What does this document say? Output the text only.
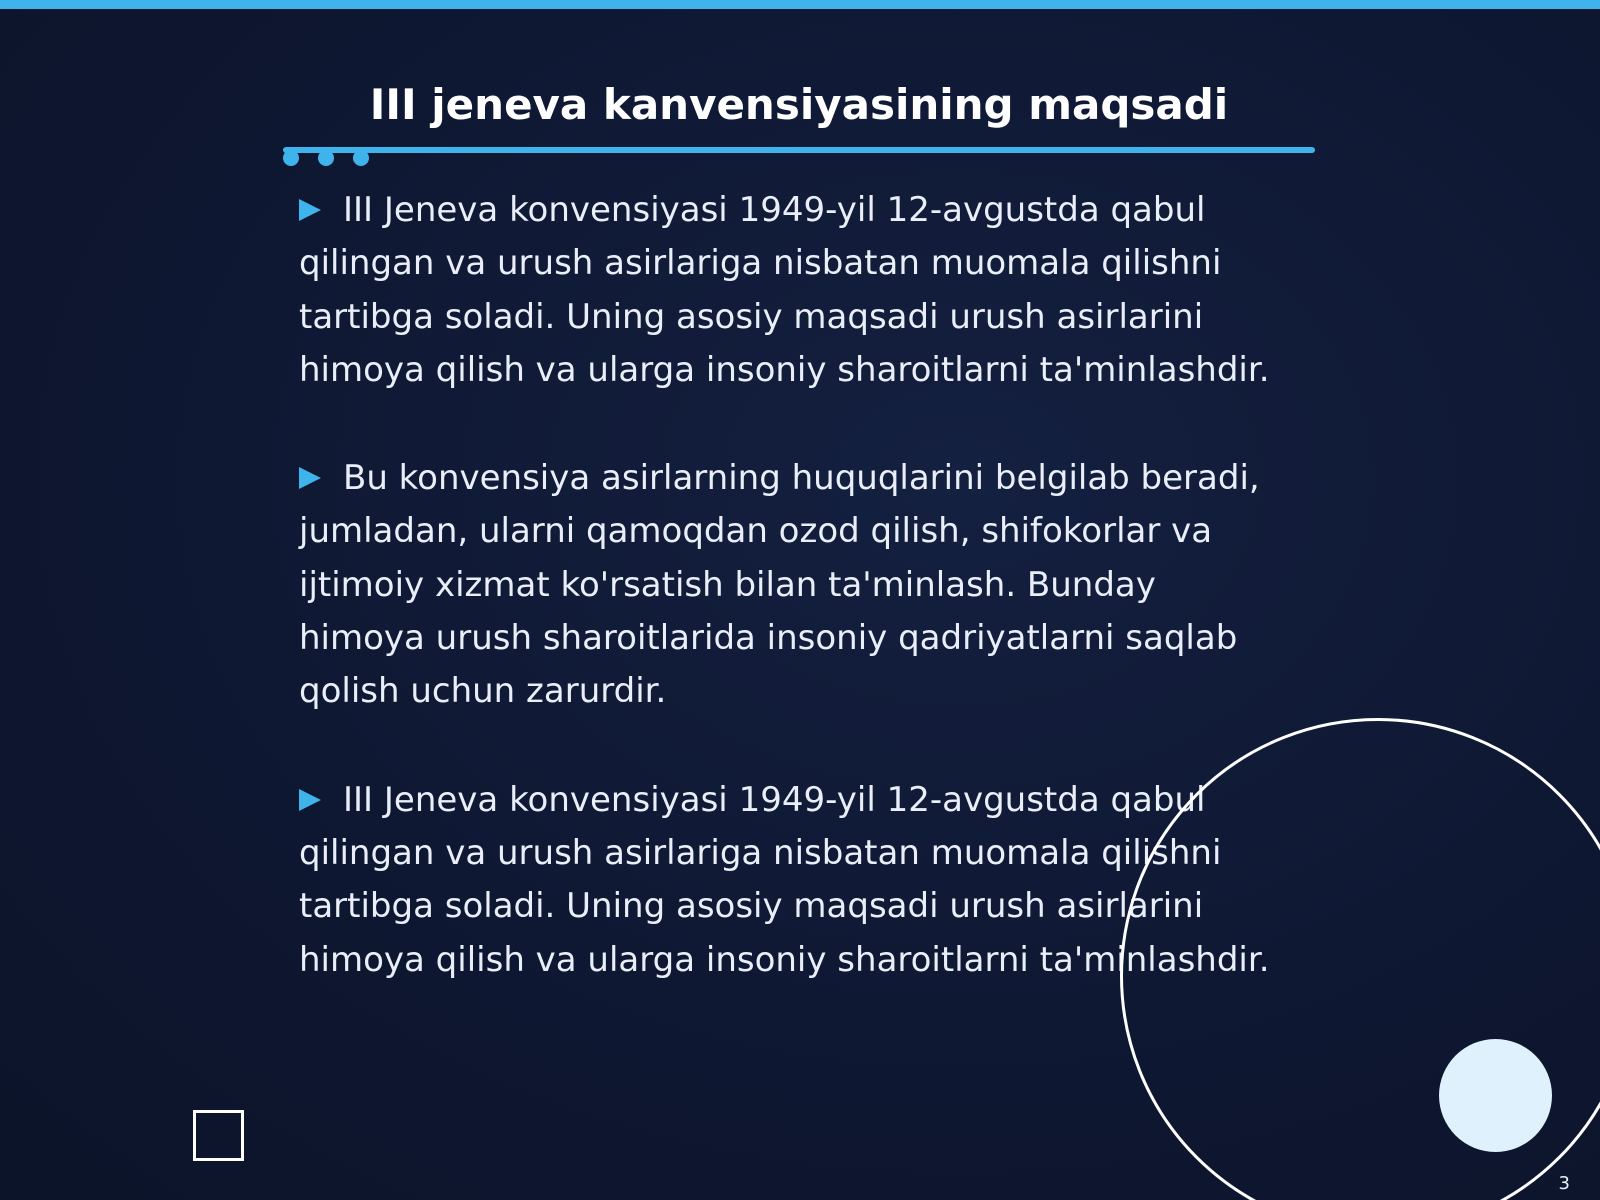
III jeneva kanvensiyasining maqsadi
III Jeneva konvensiyasi 1949-yil 12-avgustda qabul qilingan va urush asirlariga nisbatan muomala qilishni tartibga soladi. Uning asosiy maqsadi urush asirlarini himoya qilish va ularga insoniy sharoitlarni ta'minlashdir.
Bu konvensiya asirlarning huquqlarini belgilab beradi, jumladan, ularni qamoqdan ozod qilish, shifokorlar va ijtimoiy xizmat ko'rsatish bilan ta'minlash. Bunday himoya urush sharoitlarida insoniy qadriyatlarni saqlab qolish uchun zarurdir.
III Jeneva konvensiyasi 1949-yil 12-avgustda qabul qilingan va urush asirlariga nisbatan muomala qilishni tartibga soladi. Uning asosiy maqsadi urush asirlarini himoya qilish va ularga insoniy sharoitlarni ta'minlashdir.
3
